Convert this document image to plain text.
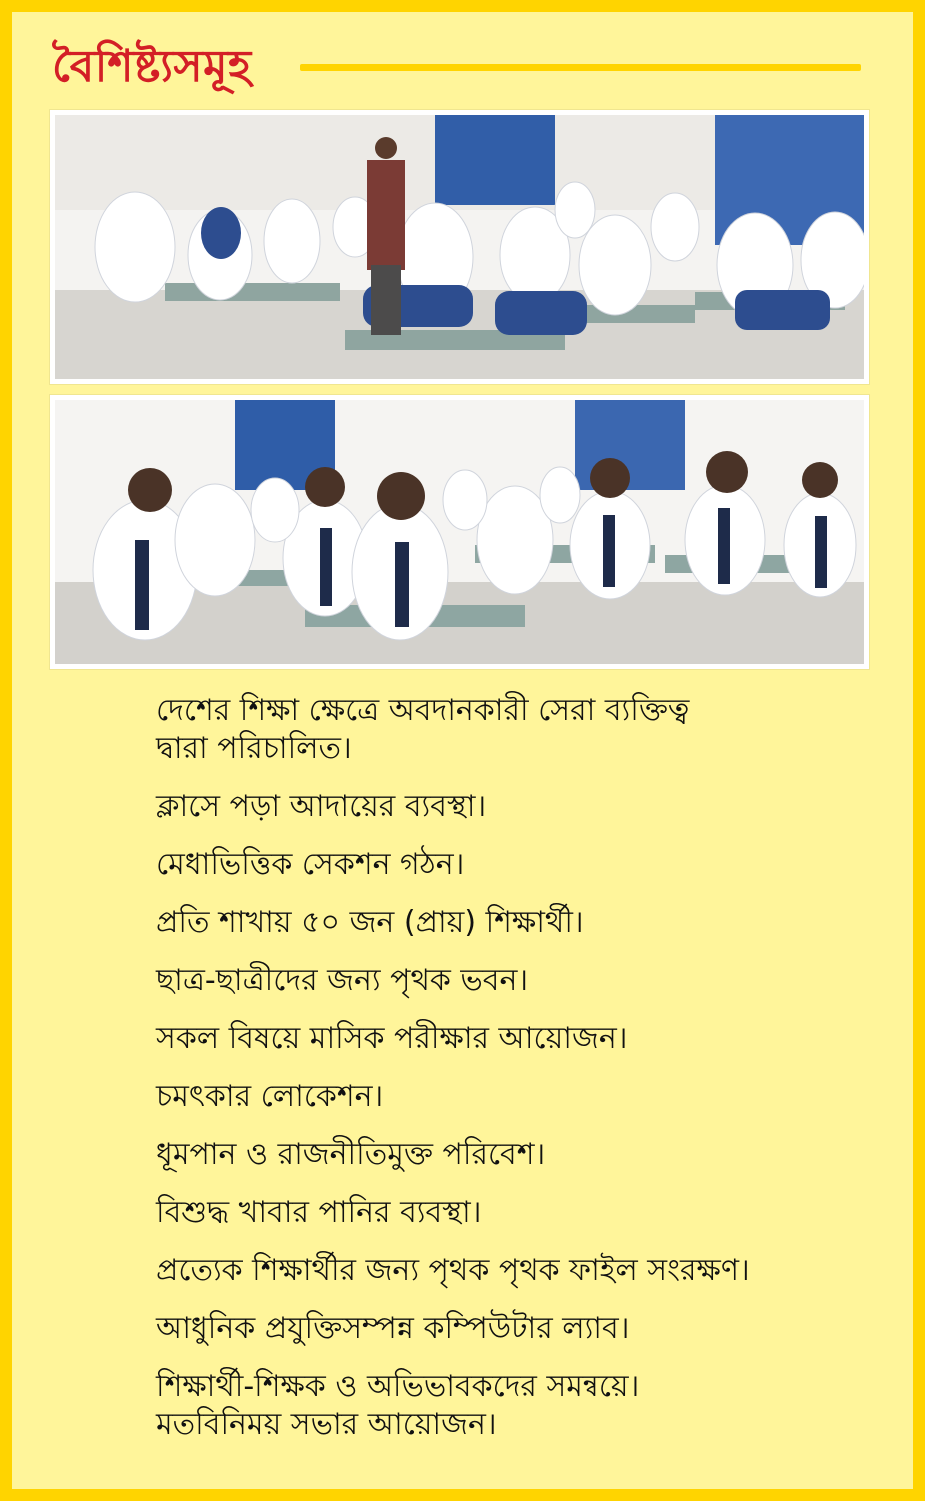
বৈশিষ্ট্যসমূহ
দেশের শিক্ষা ক্ষেত্রে অবদানকারী সেরা ব্যক্তিত্ব
দ্বারা পরিচালিত।
ক্লাসে পড়া আদায়ের ব্যবস্থা।
মেধাভিত্তিক সেকশন গঠন।
প্রতি শাখায় ৫০ জন (প্রায়) শিক্ষার্থী।
ছাত্র-ছাত্রীদের জন্য পৃথক ভবন।
সকল বিষয়ে মাসিক পরীক্ষার আয়োজন।
চমৎকার লোকেশন।
ধূমপান ও রাজনীতিমুক্ত পরিবেশ।
বিশুদ্ধ খাবার পানির ব্যবস্থা।
প্রত্যেক শিক্ষার্থীর জন্য পৃথক পৃথক ফাইল সংরক্ষণ।
আধুনিক প্রযুক্তিসম্পন্ন কম্পিউটার ল্যাব।
শিক্ষার্থী-শিক্ষক ও অভিভাবকদের সমন্বয়ে।
মতবিনিময় সভার আয়োজন।
